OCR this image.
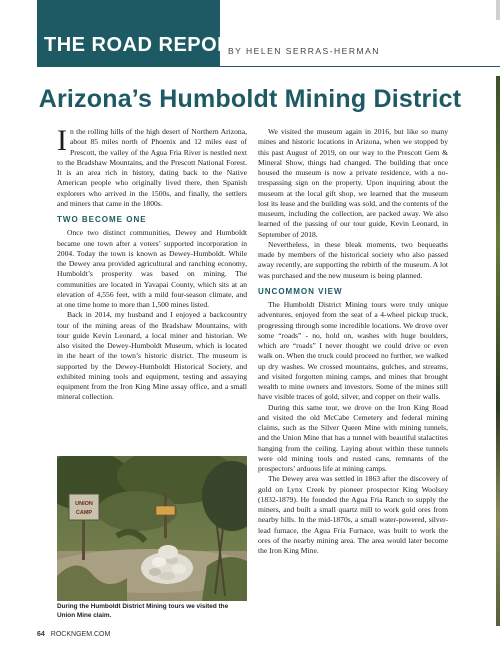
THE ROAD REPORT
BY HELEN SERRAS-HERMAN
Arizona’s Humboldt Mining District

In the rolling hills of the high desert of Northern Arizona, about 85 miles north of Phoenix and 12 miles east of Prescott, the valley of the Agua Fria River is nestled next to the Bradshaw Mountains, and the Prescott National Forest. It is an area rich in history, dating back to the Native American people who originally lived there, then Spanish explorers who arrived in the 1500s, and finally, the settlers and miners that came in the 1800s.

TWO BECOME ONE

Once two distinct communities, Dewey and Humboldt became one town after a voters’ supported incorporation in 2004. Today the town is known as Dewey-Humboldt. While the Dewey area provided agricultural and ranching economy, Humboldt’s prosperity was based on mining. The communities are located in Yavapai County, which sits at an elevation of 4,556 feet, with a mild four-season climate, and at one time home to more than 1,500 mines listed.

Back in 2014, my husband and I enjoyed a backcountry tour of the mining areas of the Bradshaw Mountains, with tour guide Kevin Leonard, a local miner and historian. We also visited the Dewey-Humboldt Museum, which is located in the heart of the town’s historic district. The museum is supported by the Dewey-Humboldt Historical Society, and exhibited mining tools and equipment, testing and assaying equipment from the Iron King Mine assay office, and a small mineral collection.

UNION
CAMP
During the Humboldt District Mining tours we visited the Union Mine claim.

We visited the museum again in 2016, but like so many mines and historic locations in Arizona, when we stopped by this past August of 2019, on our way to the Prescott Gem & Mineral Show, things had changed. The building that once housed the museum is now a private residence, with a no-trespassing sign on the property. Upon inquiring about the museum at the local gift shop, we learned that the museum lost its lease and the building was sold, and the contents of the museum, including the collection, are packed away. We also learned of the passing of our tour guide, Kevin Leonard, in September of 2018.

Nevertheless, in these bleak moments, two bequeaths made by members of the historical society who also passed away recently, are supporting the rebirth of the museum. A lot was purchased and the new museum is being planned.

UNCOMMON VIEW

The Humboldt District Mining tours were truly unique adventures, enjoyed from the seat of a 4-wheel pickup truck, progressing through some incredible locations. We drove over some “roads” - no, hold on, washes with huge boulders, which are “roads” I never thought we could drive or even walk on. When the truck could proceed no further, we walked up dry washes. We crossed mountains, gulches, and streams, and visited forgotten mining camps, and mines that brought wealth to mine owners and investors. Some of the mines still have visible traces of gold, silver, and copper on their walls.

During this same tour, we drove on the Iron King Road and visited the old McCabe Cemetery and federal mining claims, such as the Silver Queen Mine with mining tunnels, and the Union Mine that has a tunnel with beautiful stalactites hanging from the ceiling. Laying about within these tunnels were old mining tools and rusted cans, remnants of the prospectors’ arduous life at mining camps.

The Dewey area was settled in 1863 after the discovery of gold on Lynx Creek by pioneer prospector King Woolsey (1832-1879). He founded the Agua Fria Ranch to supply the miners, and built a small quartz mill to work gold ores from nearby hills. In the mid-1870s, a small water-powered, silver-lead furnace, the Agua Fria Furnace, was built to work the ores of the nearby mining area. The area would later become the Iron King Mine.

64 ROCKNGEM.COM
